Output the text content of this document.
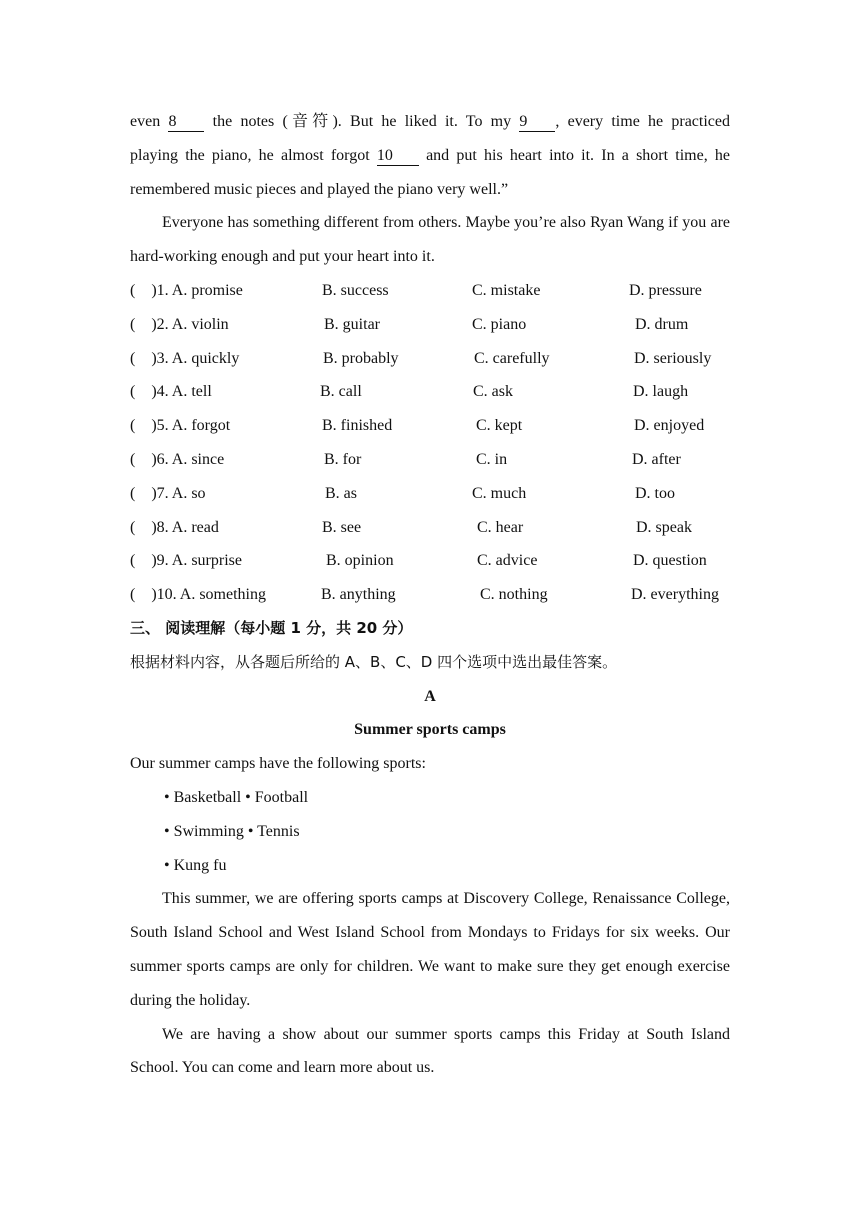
even 8 the notes (音符). But he liked it. To my 9 , every time he practiced
playing the piano, he almost forgot 10 and put his heart into it. In a short time, he
remembered music pieces and played the piano very well.”

Everyone has something different from others. Maybe you’re also Ryan Wang if you are hard-working enough and put your heart into it.

(　)1. A. promise	B. success	C. mistake	D. pressure
(　)2. A. violin	B. guitar	C. piano	D. drum
(　)3. A. quickly	B. probably	C. carefully	D. seriously
(　)4. A. tell	B. call	C. ask	D. laugh
(　)5. A. forgot	B. finished	C. kept	D. enjoyed
(　)6. A. since	B. for	C. in	D. after
(　)7. A. so	B. as	C. much	D. too
(　)8. A. read	B. see	C. hear	D. speak
(　)9. A. surprise	B. opinion	C. advice	D. question
(　)10. A. something	B. anything	C. nothing	D. everything

三、 阅读理解（每小题 1 分，共 20 分）

根据材料内容，从各题后所给的 A、B、C、D 四个选项中选出最佳答案。

A

Summer sports camps

Our summer camps have the following sports:

• Basketball • Football

• Swimming • Tennis

• Kung fu

This summer, we are offering sports camps at Discovery College, Renaissance College, South Island School and West Island School from Mondays to Fridays for six weeks. Our summer sports camps are only for children. We want to make sure they get enough exercise during the holiday.

We are having a show about our summer sports camps this Friday at South Island School. You can come and learn more about us.
